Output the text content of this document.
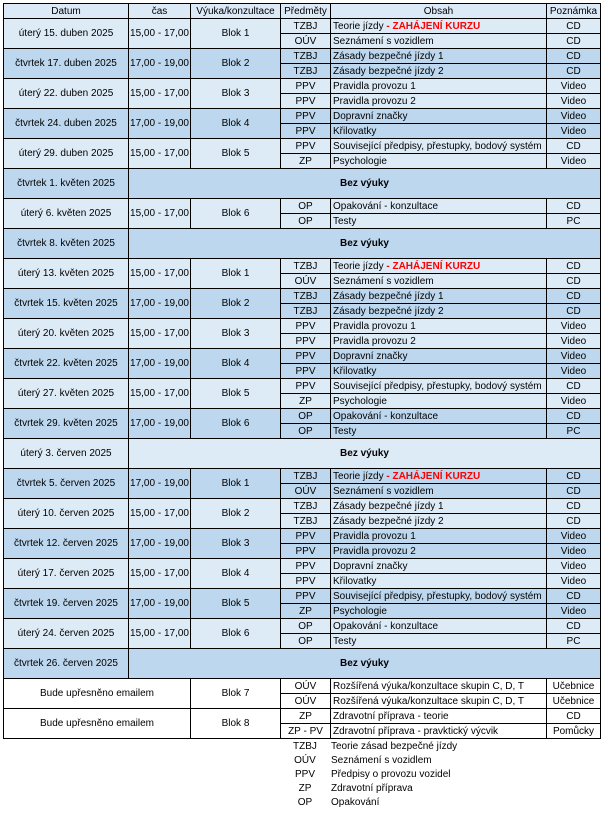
Datum	čas	Výuka/konzultace	Předměty	Obsah	Poznámka
úterý 15. duben 2025	15,00 - 17,00	Blok 1	TZBJ	Teorie jízdy - ZAHÁJENÍ KURZU	CD
			OÚV	Seznámení s vozidlem	CD
čtvrtek 17. duben 2025	17,00 - 19,00	Blok 2	TZBJ	Zásady bezpečné jízdy 1	CD
			TZBJ	Zásady bezpečné jízdy 2	CD
úterý 22. duben 2025	15,00 - 17,00	Blok 3	PPV	Pravidla provozu 1	Video
			PPV	Pravidla provozu 2	Video
čtvrtek 24. duben 2025	17,00 - 19,00	Blok 4	PPV	Dopravní značky	Video
			PPV	Křilovatky	Video
úterý 29. duben 2025	15,00 - 17,00	Blok 5	PPV	Související předpisy, přestupky, bodový systém	CD
			ZP	Psychologie	Video
čtvrtek 1. květen 2025	Bez výuky				
úterý 6. květen 2025	15,00 - 17,00	Blok 6	OP	Opakování - konzultace	CD
			OP	Testy	PC
čtvrtek 8. květen 2025	Bez výuky				
úterý 13. květen 2025	15,00 - 17,00	Blok 1	TZBJ	Teorie jízdy - ZAHÁJENÍ KURZU	CD
			OÚV	Seznámení s vozidlem	CD
čtvrtek 15. květen 2025	17,00 - 19,00	Blok 2	TZBJ	Zásady bezpečné jízdy 1	CD
			TZBJ	Zásady bezpečné jízdy 2	CD
úterý 20. květen 2025	15,00 - 17,00	Blok 3	PPV	Pravidla provozu 1	Video
			PPV	Pravidla provozu 2	Video
čtvrtek 22. květen 2025	17,00 - 19,00	Blok 4	PPV	Dopravní značky	Video
			PPV	Křilovatky	Video
úterý 27. květen 2025	15,00 - 17,00	Blok 5	PPV	Související předpisy, přestupky, bodový systém	CD
			ZP	Psychologie	Video
čtvrtek 29. květen 2025	17,00 - 19,00	Blok 6	OP	Opakování - konzultace	CD
			OP	Testy	PC
úterý 3. červen 2025	Bez výuky				
čtvrtek 5. červen 2025	17,00 - 19,00	Blok 1	TZBJ	Teorie jízdy - ZAHÁJENÍ KURZU	CD
			OÚV	Seznámení s vozidlem	CD
úterý 10. červen 2025	15,00 - 17,00	Blok 2	TZBJ	Zásady bezpečné jízdy 1	CD
			TZBJ	Zásady bezpečné jízdy 2	CD
čtvrtek 12. červen 2025	17,00 - 19,00	Blok 3	PPV	Pravidla provozu 1	Video
			PPV	Pravidla provozu 2	Video
úterý 17. červen 2025	15,00 - 17,00	Blok 4	PPV	Dopravní značky	Video
			PPV	Křilovatky	Video
čtvrtek 19. červen 2025	17,00 - 19,00	Blok 5	PPV	Související předpisy, přestupky, bodový systém	CD
			ZP	Psychologie	Video
úterý 24. červen 2025	15,00 - 17,00	Blok 6	OP	Opakování - konzultace	CD
			OP	Testy	PC
čtvrtek 26. červen 2025	Bez výuky				
Bude upřesněno emailem		Blok 7	OÚV	Rozšířená výuka/konzultace skupin C, D, T	Učebnice
			OÚV	Rozšířená výuka/konzultace skupin C, D, T	Učebnice
Bude upřesněno emailem		Blok 8	ZP	Zdravotní příprava - teorie	CD
			ZP - PV	Zdravotní příprava - pravktický výcvik	Pomůcky
TZBJ	Teorie zásad bezpečné jízdy
OÚV	Seznámení s vozidlem
PPV	Předpisy o provozu vozidel
ZP	Zdravotní příprava
OP	Opakování
